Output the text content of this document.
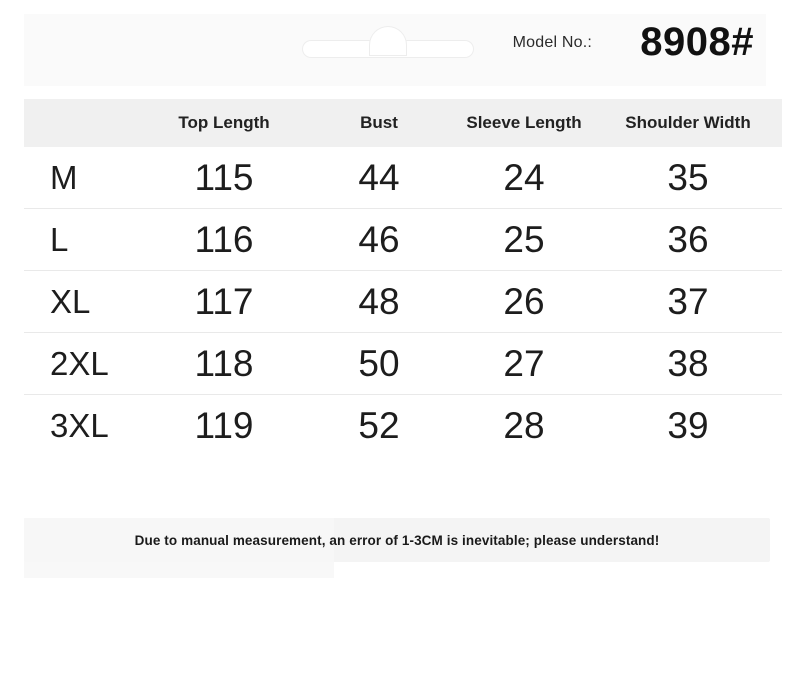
Model No.: 8908#
	Top Length	Bust	Sleeve Length	Shoulder Width
M	115	44	24	35
L	116	46	25	36
XL	117	48	26	37
2XL	118	50	27	38
3XL	119	52	28	39
Due to manual measurement, an error of 1-3CM is inevitable; please understand!
